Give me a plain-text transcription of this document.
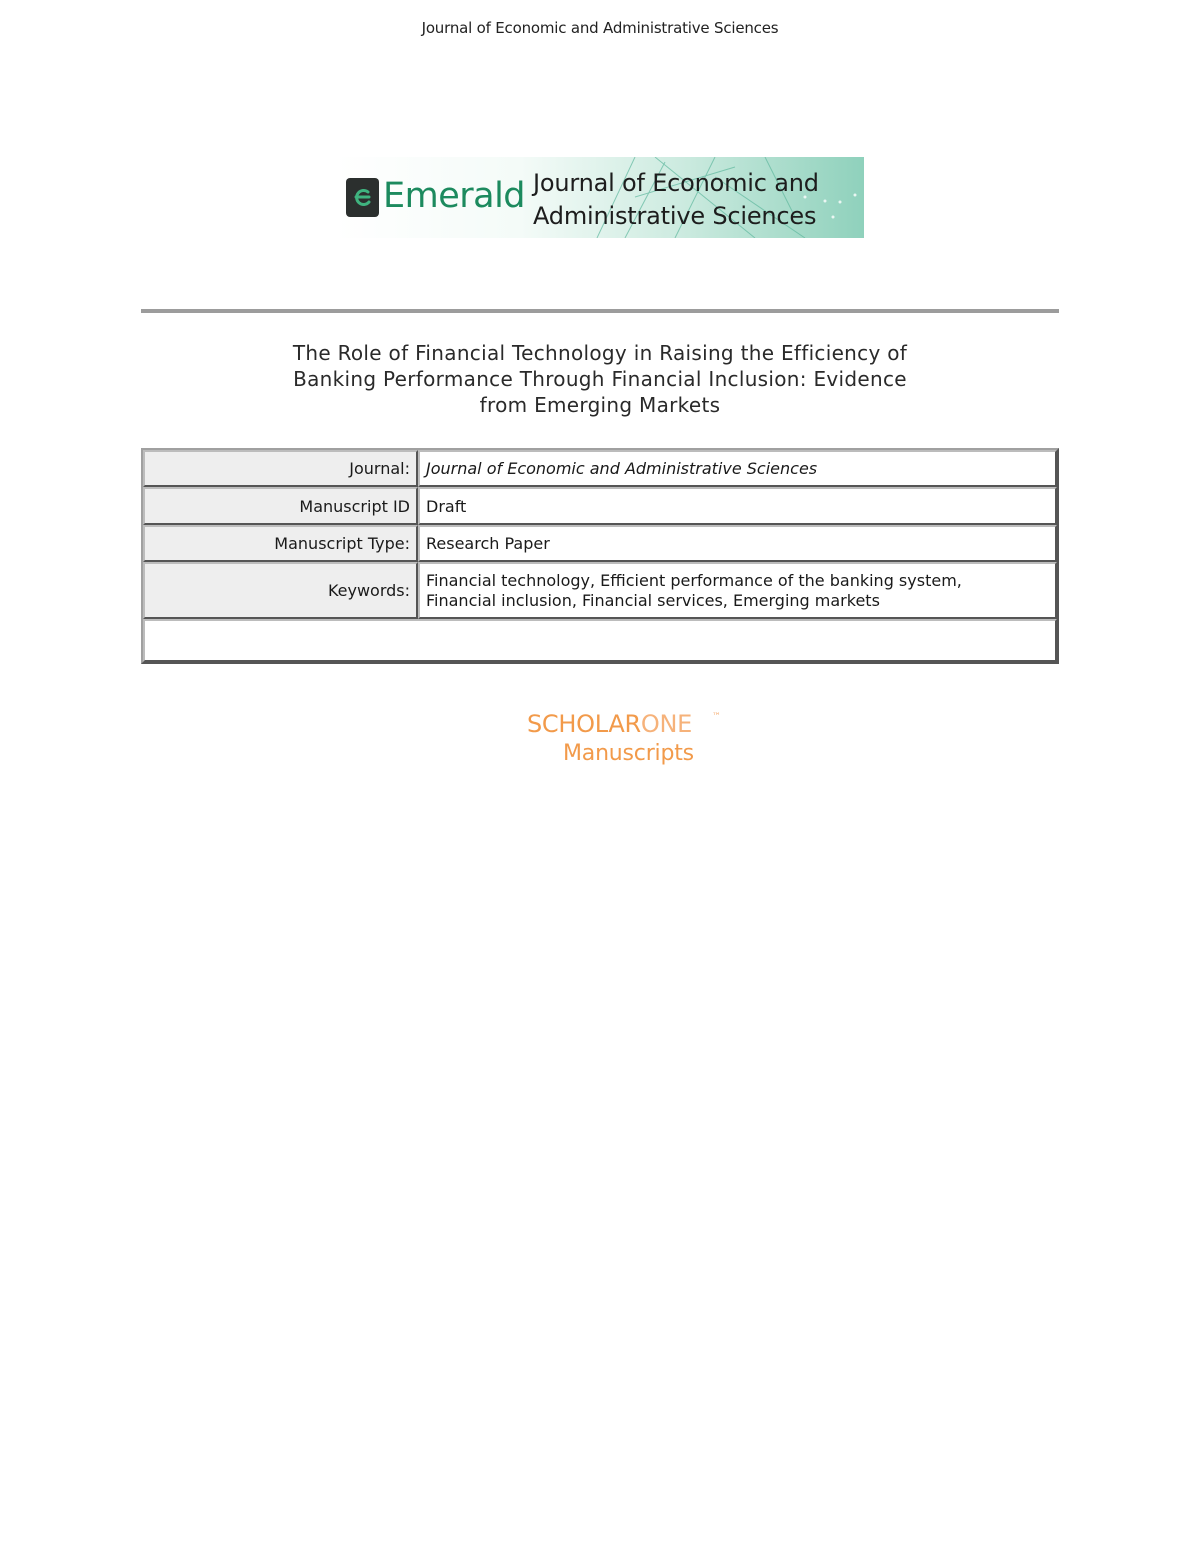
Journal of Economic and Administrative Sciences
Emerald Journal of Economic and
Administrative Sciences
The Role of Financial Technology in Raising the Efficiency of
Banking Performance Through Financial Inclusion: Evidence
from Emerging Markets
Journal:	Journal of Economic and Administrative Sciences
Manuscript ID	Draft
Manuscript Type:	Research Paper
Keywords:	Financial technology, Efficient performance of the banking system,
Financial inclusion, Financial services, Emerging markets

SCHOLARONE ™
Manuscripts
